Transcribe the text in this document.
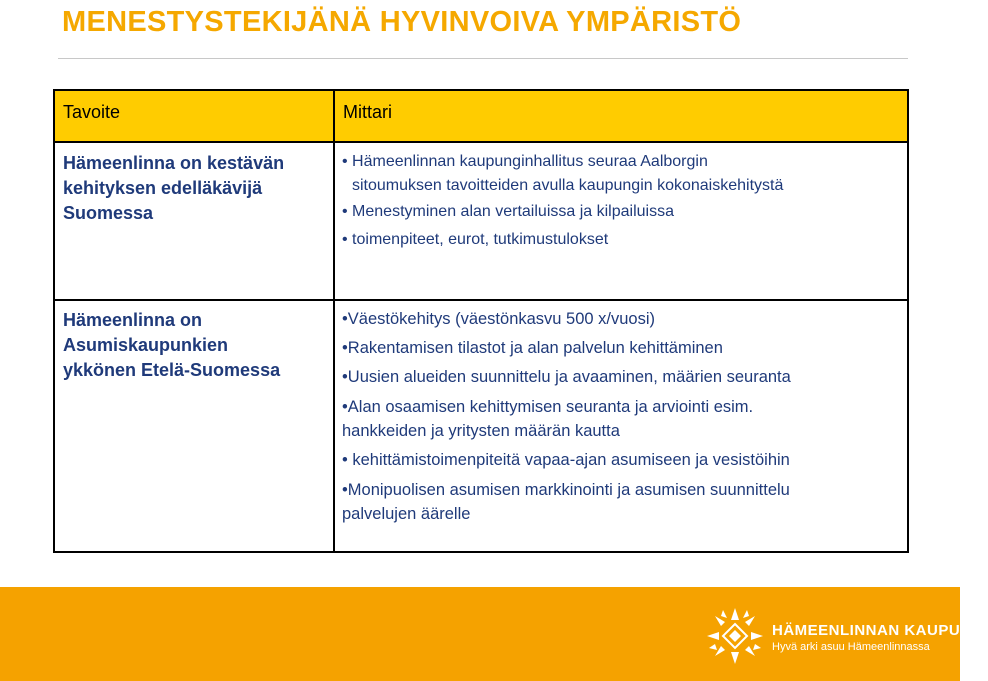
MENESTYSTEKIJÄNÄ HYVINVOIVA YMPÄRISTÖ
Tavoite	Mittari
Hämeenlinna on kestävän
kehityksen edelläkävijä
Suomessa
• Hämeenlinnan kaupunginhallitus seuraa Aalborgin
sitoumuksen tavoitteiden avulla kaupungin kokonaiskehitystä
• Menestyminen alan vertailuissa ja kilpailuissa
• toimenpiteet, eurot, tutkimustulokset
Hämeenlinna on
Asumiskaupunkien
ykkönen Etelä-Suomessa
•Väestökehitys (väestönkasvu 500 x/vuosi)
•Rakentamisen tilastot ja alan palvelun kehittäminen
•Uusien alueiden suunnittelu ja avaaminen, määrien seuranta
•Alan osaamisen kehittymisen seuranta ja arviointi esim.
hankkeiden ja yritysten määrän kautta
• kehittämistoimenpiteitä vapaa-ajan asumiseen ja vesistöihin
•Monipuolisen asumisen markkinointi ja asumisen suunnittelu
palvelujen äärelle
HÄMEENLINNAN KAUPUNKI
Hyvä arki asuu Hämeenlinnassa
